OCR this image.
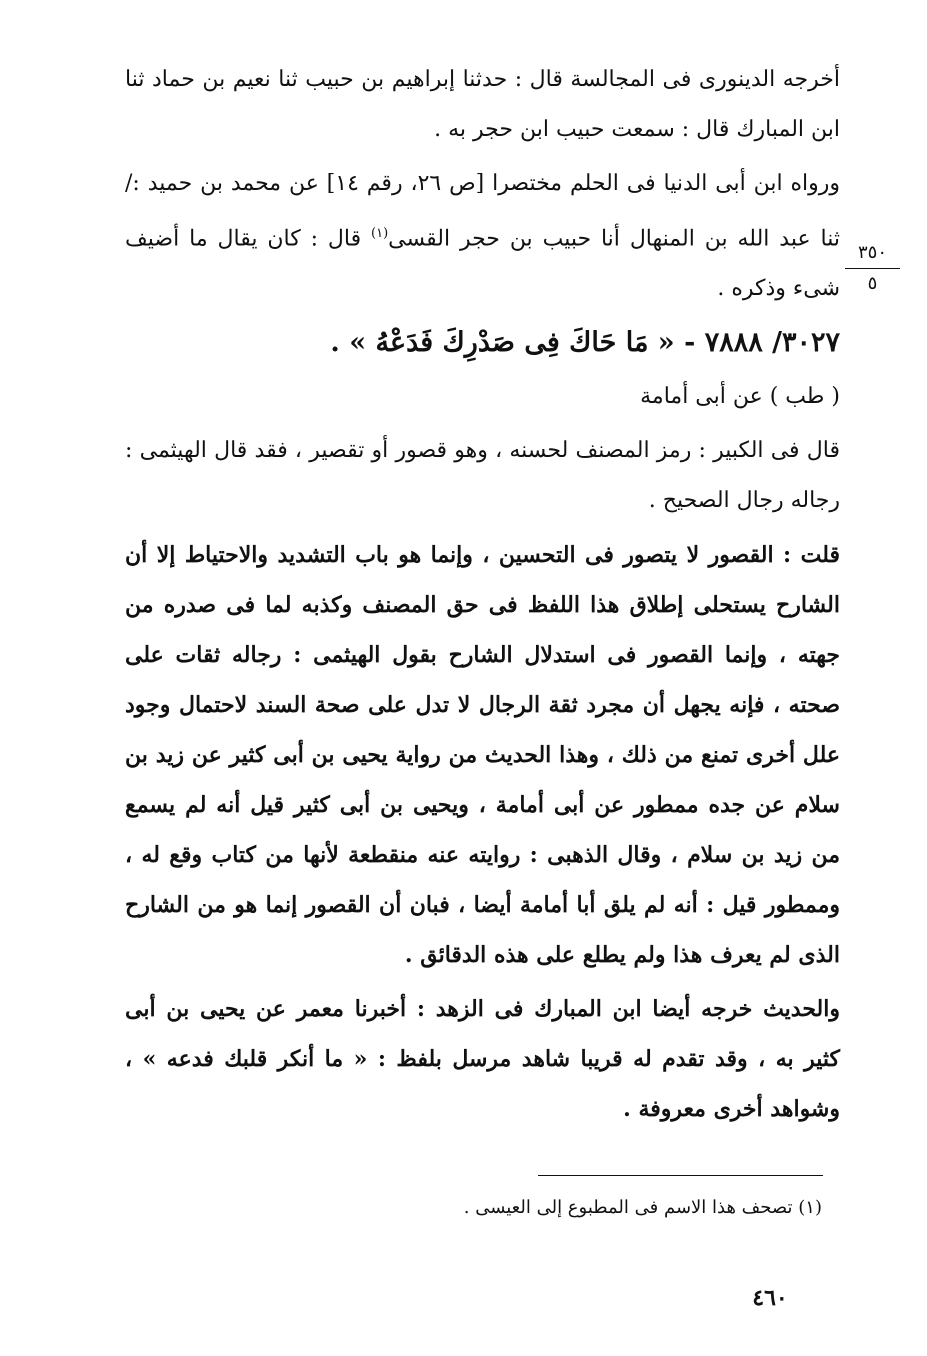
٣٥٠
٥

أخرجه الدينورى فى المجالسة قال : حدثنا إبراهيم بن حبيب ثنا نعيم بن حماد ثنا ابن المبارك قال : سمعت حبيب ابن حجر به .

ورواه ابن أبى الدنيا فى الحلم مختصرا [ص ٢٦، رقم ١٤] عن محمد بن حميد :/ ثنا عبد الله بن المنهال أنا حبيب بن حجر القسى$^{(١)}$ قال : كان يقال ما أضيف شىء وذكره .

٣٠٢٧/ ٧٨٨٨ - « مَا حَاكَ فِى صَدْرِكَ فَدَعْهُ » .

( طب ) عن أبى أمامة

قال فى الكبير : رمز المصنف لحسنه ، وهو قصور أو تقصير ، فقد قال الهيثمى : رجاله رجال الصحيح .

قلت : القصور لا يتصور فى التحسين ، وإنما هو باب التشديد والاحتياط إلا أن الشارح يستحلى إطلاق هذا اللفظ فى حق المصنف وكذبه لما فى صدره من جهته ، وإنما القصور فى استدلال الشارح بقول الهيثمى : رجاله ثقات على صحته ، فإنه يجهل أن مجرد ثقة الرجال لا تدل على صحة السند لاحتمال وجود علل أخرى تمنع من ذلك ، وهذا الحديث من رواية يحيى بن أبى كثير عن زيد بن سلام عن جده ممطور عن أبى أمامة ، ويحيى بن أبى كثير قيل أنه لم يسمع من زيد بن سلام ، وقال الذهبى : روايته عنه منقطعة لأنها من كتاب وقع له ، وممطور قيل : أنه لم يلق أبا أمامة أيضا ، فبان أن القصور إنما هو من الشارح الذى لم يعرف هذا ولم يطلع على هذه الدقائق .

والحديث خرجه أيضا ابن المبارك فى الزهد : أخبرنا معمر عن يحيى بن أبى كثير به ، وقد تقدم له قريبا شاهد مرسل بلفظ : « ما أنكر قلبك فدعه » ، وشواهد أخرى معروفة .

(١) تصحف هذا الاسم فى المطبوع إلى العيسى .
٤٦٠
